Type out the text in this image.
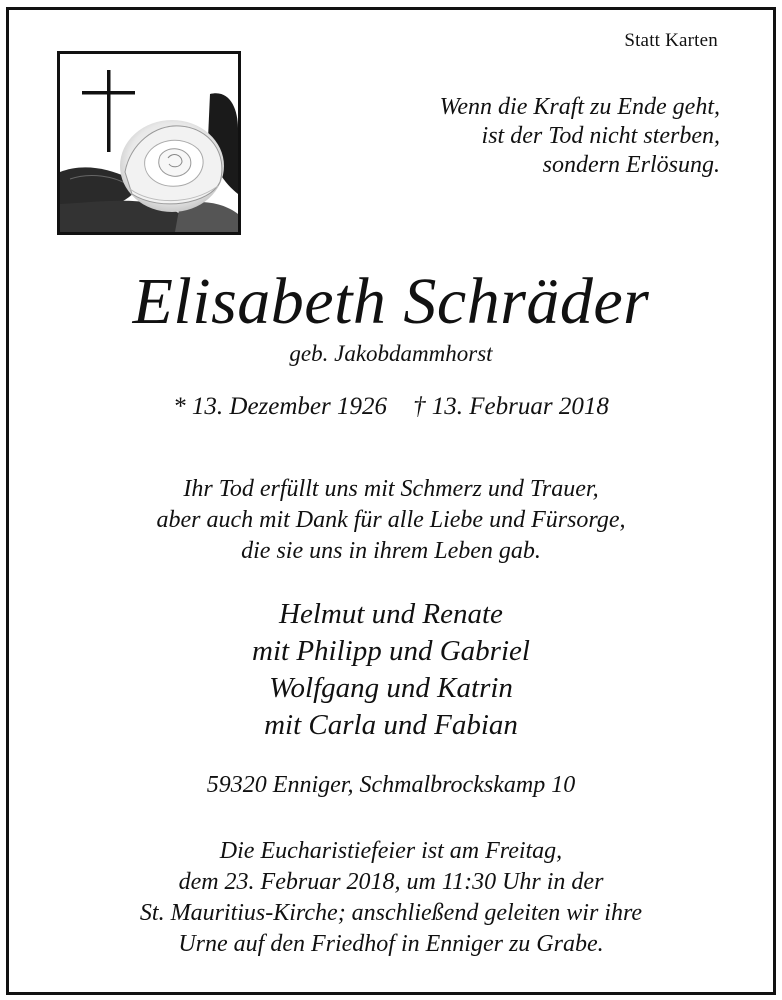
Statt Karten
Wenn die Kraft zu Ende geht,
ist der Tod nicht sterben,
sondern Erlösung.
Elisabeth Schräder
geb. Jakobdammhorst
* 13. Dezember 1926 † 13. Februar 2018
Ihr Tod erfüllt uns mit Schmerz und Trauer,
aber auch mit Dank für alle Liebe und Fürsorge,
die sie uns in ihrem Leben gab.
Helmut und Renate
mit Philipp und Gabriel
Wolfgang und Katrin
mit Carla und Fabian
59320 Enniger, Schmalbrockskamp 10
Die Eucharistiefeier ist am Freitag,
dem 23. Februar 2018, um 11:30 Uhr in der
St. Mauritius-Kirche; anschließend geleiten wir ihre
Urne auf den Friedhof in Enniger zu Grabe.
